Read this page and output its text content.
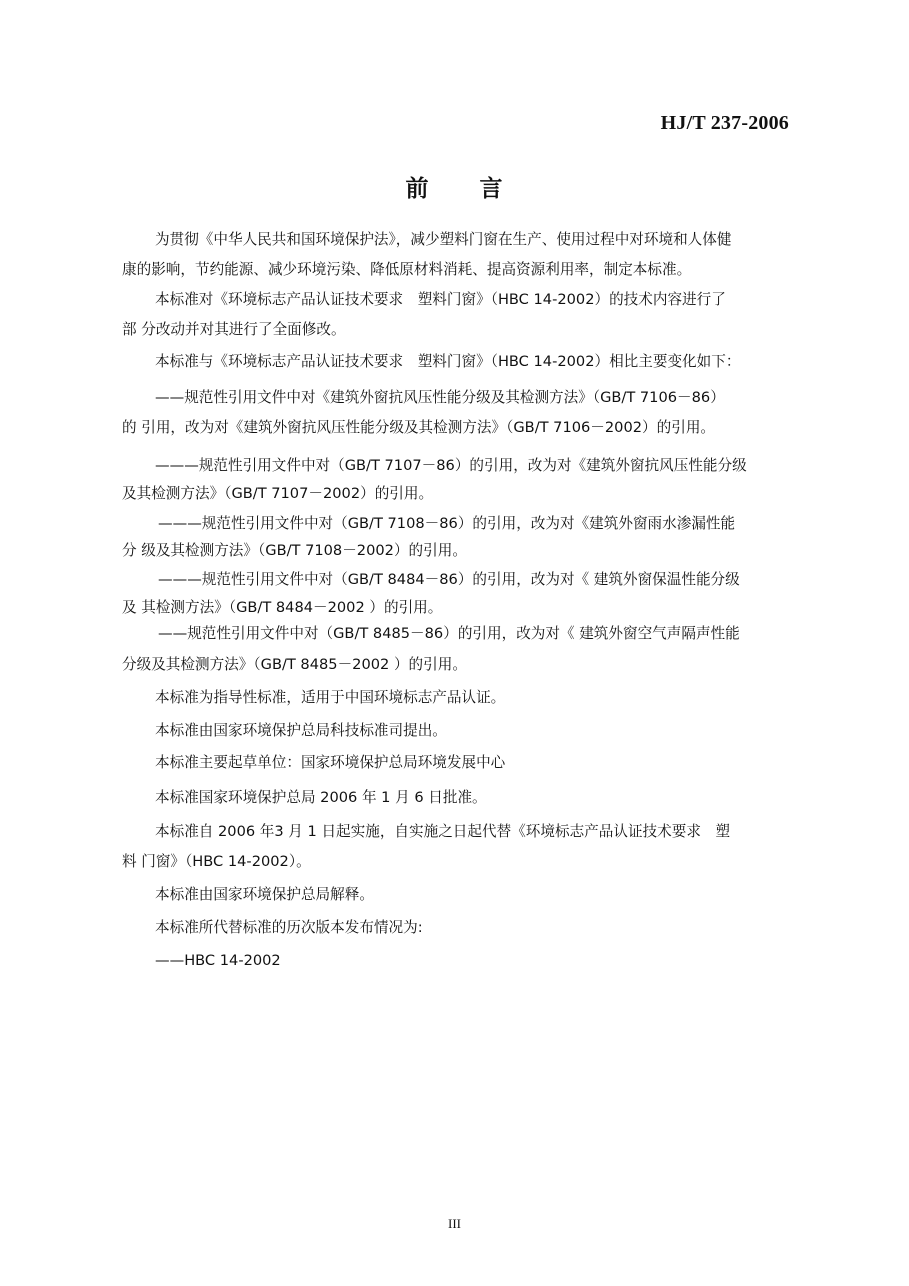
HJ/T 237-2006
前 言
为贯彻《中华人民共和国环境保护法》，减少塑料门窗在生产、使用过程中对环境和人体健
康的影响，节约能源、减少环境污染、降低原材料消耗、提高资源利用率，制定本标准。
本标准对《环境标志产品认证技术要求　塑料门窗》（HBC 14-2002）的技术内容进行了
部 分改动并对其进行了全面修改。
本标准与《环境标志产品认证技术要求　塑料门窗》（HBC 14-2002）相比主要变化如下：
——规范性引用文件中对《建筑外窗抗风压性能分级及其检测方法》（GB/T 7106－86）
的 引用，改为对《建筑外窗抗风压性能分级及其检测方法》（GB/T 7106－2002）的引用。
———规范性引用文件中对（GB/T 7107－86）的引用，改为对《建筑外窗抗风压性能分级
及其检测方法》（GB/T 7107－2002）的引用。
———规范性引用文件中对（GB/T 7108－86）的引用，改为对《建筑外窗雨水渗漏性能
分 级及其检测方法》（GB/T 7108－2002）的引用。
———规范性引用文件中对（GB/T 8484－86）的引用，改为对《 建筑外窗保温性能分级
及 其检测方法》（GB/T 8484－2002 ）的引用。
——规范性引用文件中对（GB/T 8485－86）的引用，改为对《 建筑外窗空气声隔声性能
分级及其检测方法》（GB/T 8485－2002 ）的引用。
本标准为指导性标准，适用于中国环境标志产品认证。
本标准由国家环境保护总局科技标准司提出。
本标准主要起草单位：国家环境保护总局环境发展中心
本标准国家环境保护总局 2006 年 1 月 6 日批准。
本标准自 2006 年3 月 1 日起实施，自实施之日起代替《环境标志产品认证技术要求　塑
料 门窗》（HBC 14-2002）。
本标准由国家环境保护总局解释。
本标准所代替标准的历次版本发布情况为:
——HBC 14-2002
III
